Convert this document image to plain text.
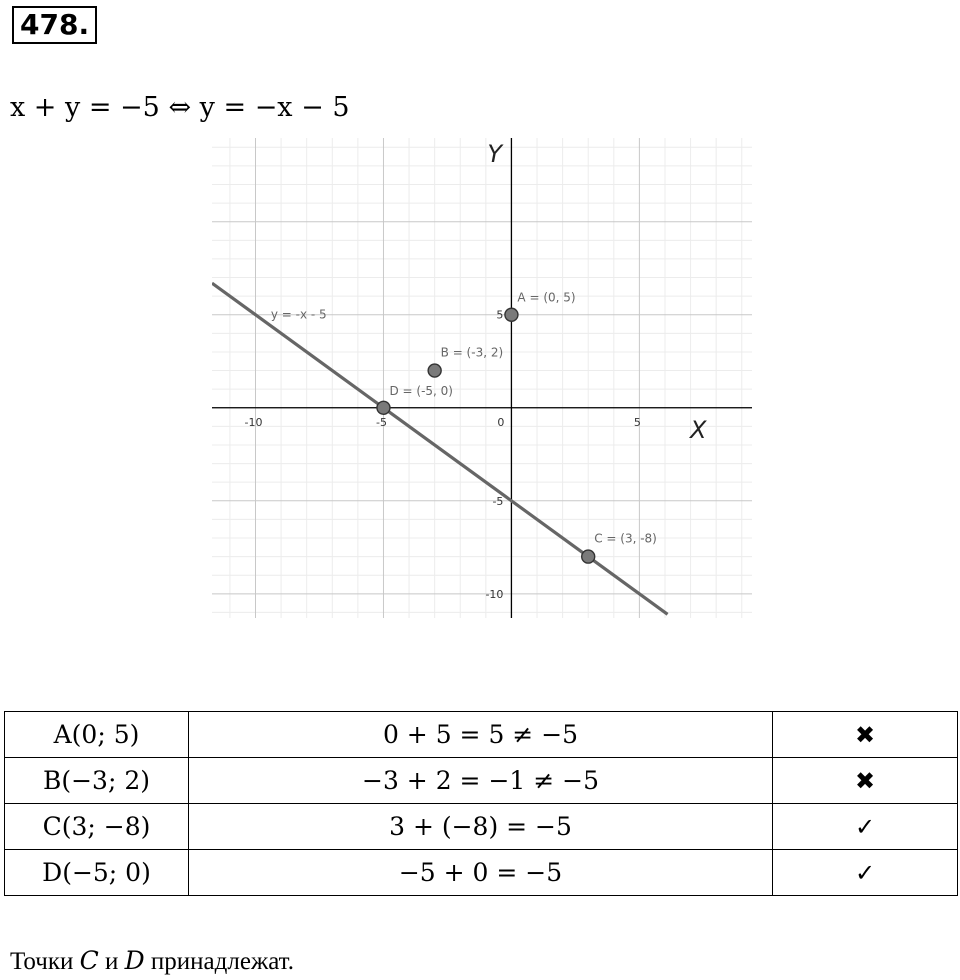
478.
x + y = −5 ⇔ y = −x − 5
-10	-5	0	5
5
-5
-10
A = (0, 5)
B = (-3, 2)
D = (-5, 0)
C = (3, -8)
Y
X
y = -x - 5
A(0; 5)	0 + 5 = 5 ≠ −5	✖
B(−3; 2)	−3 + 2 = −1 ≠ −5	✖
C(3; −8)	3 + (−8) = −5	✓
D(−5; 0)	−5 + 0 = −5	✓
Точки C и D принадлежат.
